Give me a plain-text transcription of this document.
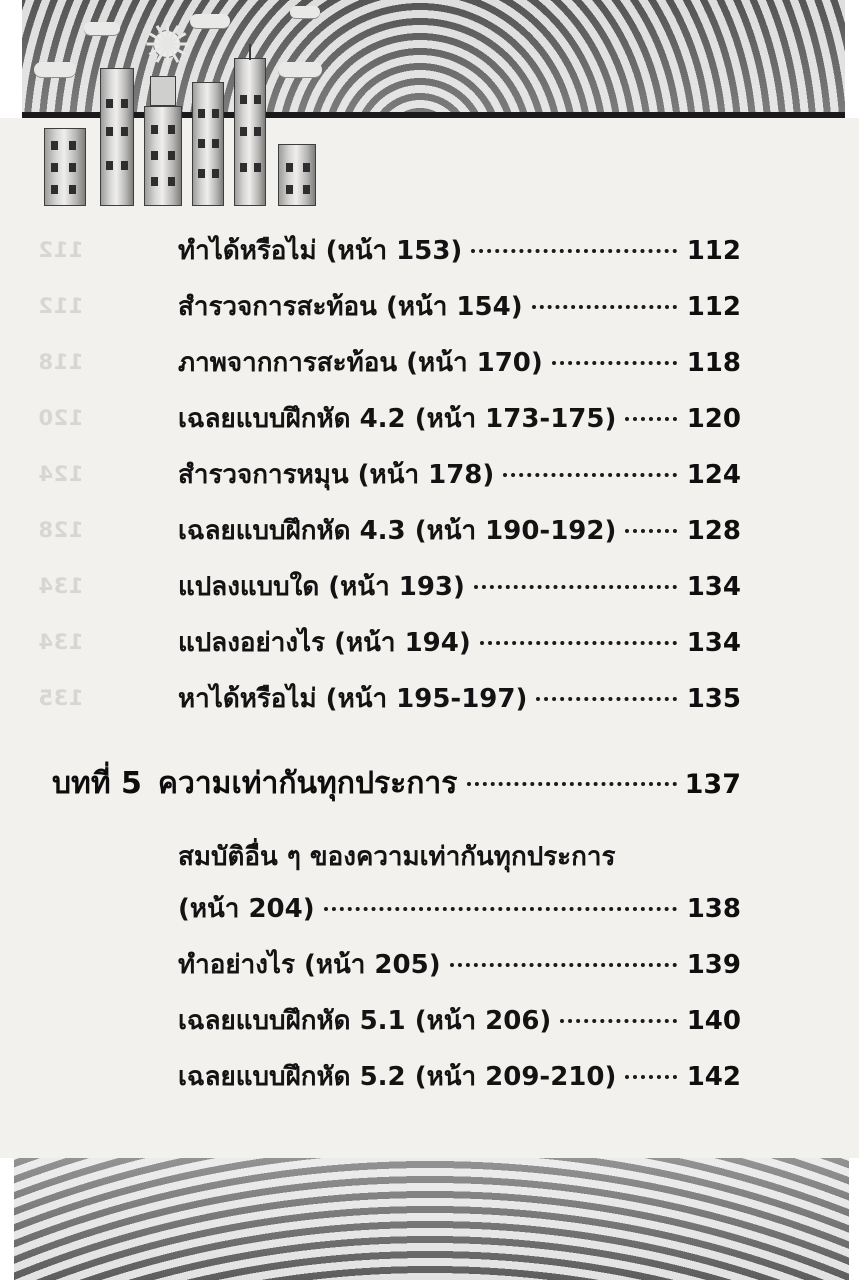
112
112
118
120
124
128
134
134
135
ทำได้หรือไม่ (หน้า 153)	112
สำรวจการสะท้อน (หน้า 154)	112
ภาพจากการสะท้อน (หน้า 170)	118
เฉลยแบบฝึกหัด 4.2 (หน้า 173-175)	120
สำรวจการหมุน (หน้า 178)	124
เฉลยแบบฝึกหัด 4.3 (หน้า 190-192)	128
แปลงแบบใด (หน้า 193)	134
แปลงอย่างไร (หน้า 194)	134
หาได้หรือไม่ (หน้า 195-197)	135
บทที่ 5 ความเท่ากันทุกประการ	137
สมบัติอื่น ๆ ของความเท่ากันทุกประการ
(หน้า 204)	138
ทำอย่างไร (หน้า 205)	139
เฉลยแบบฝึกหัด 5.1 (หน้า 206)	140
เฉลยแบบฝึกหัด 5.2 (หน้า 209-210)	142
